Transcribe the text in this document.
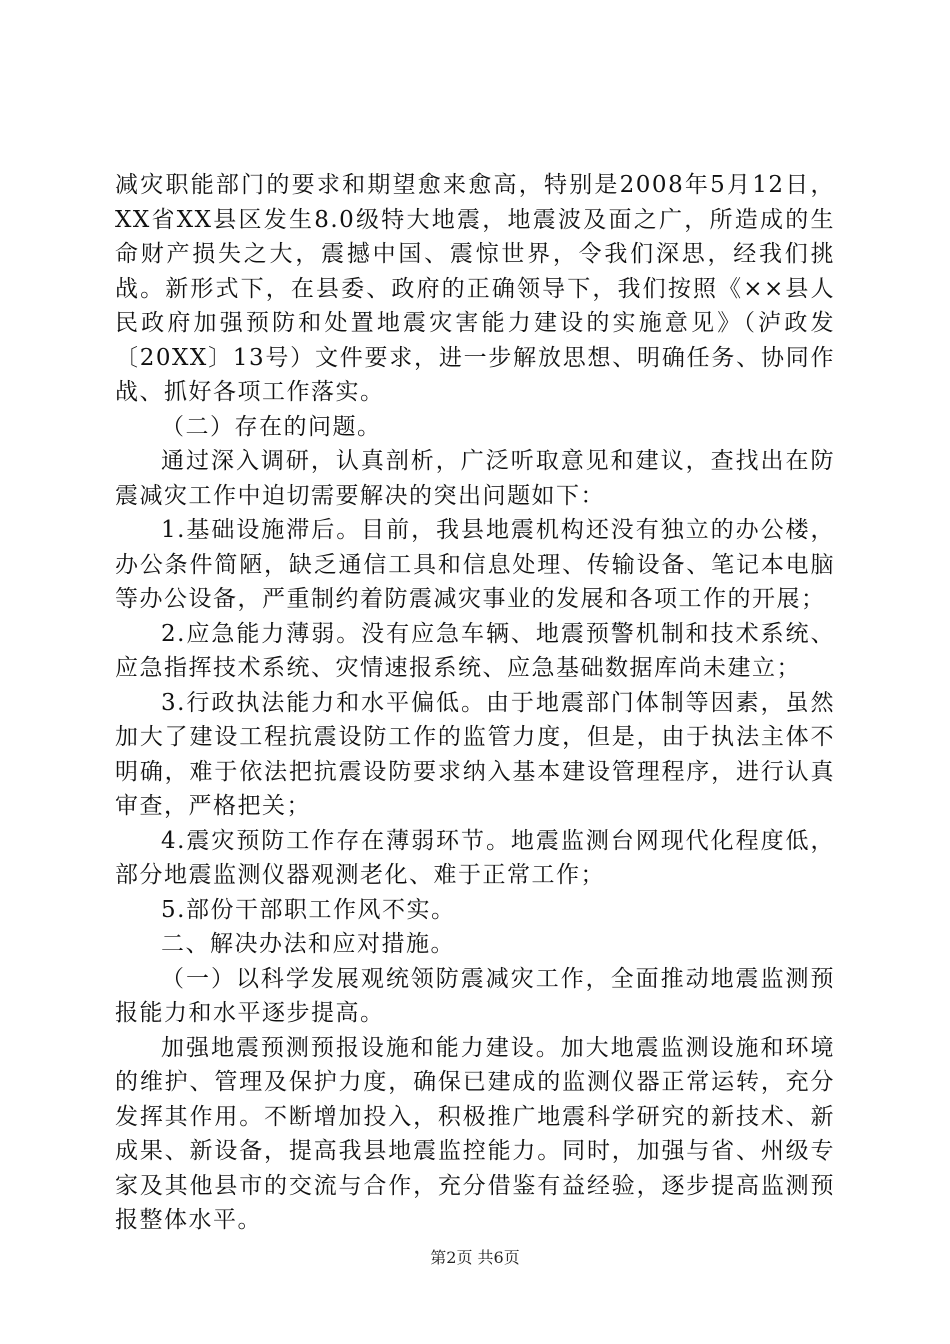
减灾职能部门的要求和期望愈来愈高，特别是2008年5月12日，XX省XX县区发生8.0级特大地震，地震波及面之广，所造成的生命财产损失之大，震撼中国、震惊世界，令我们深思，经我们挑战。新形式下，在县委、政府的正确领导下，我们按照《××县人民政府加强预防和处置地震灾害能力建设的实施意见》（泸政发〔20XX〕13号）文件要求，进一步解放思想、明确任务、协同作战、抓好各项工作落实。

（二）存在的问题。

通过深入调研，认真剖析，广泛听取意见和建议，查找出在防震减灾工作中迫切需要解决的突出问题如下：

1.基础设施滞后。目前，我县地震机构还没有独立的办公楼，办公条件简陋，缺乏通信工具和信息处理、传输设备、笔记本电脑等办公设备，严重制约着防震减灾事业的发展和各项工作的开展；

2.应急能力薄弱。没有应急车辆、地震预警机制和技术系统、应急指挥技术系统、灾情速报系统、应急基础数据库尚未建立；

3.行政执法能力和水平偏低。由于地震部门体制等因素，虽然加大了建设工程抗震设防工作的监管力度，但是，由于执法主体不明确，难于依法把抗震设防要求纳入基本建设管理程序，进行认真审查，严格把关；

4.震灾预防工作存在薄弱环节。地震监测台网现代化程度低，部分地震监测仪器观测老化、难于正常工作；

5.部份干部职工作风不实。

二、解决办法和应对措施。

（一）以科学发展观统领防震减灾工作，全面推动地震监测预报能力和水平逐步提高。

加强地震预测预报设施和能力建设。加大地震监测设施和环境的维护、管理及保护力度，确保已建成的监测仪器正常运转，充分发挥其作用。不断增加投入，积极推广地震科学研究的新技术、新成果、新设备，提高我县地震监控能力。同时，加强与省、州级专家及其他县市的交流与合作，充分借鉴有益经验，逐步提高监测预报整体水平。

第2页 共6页
